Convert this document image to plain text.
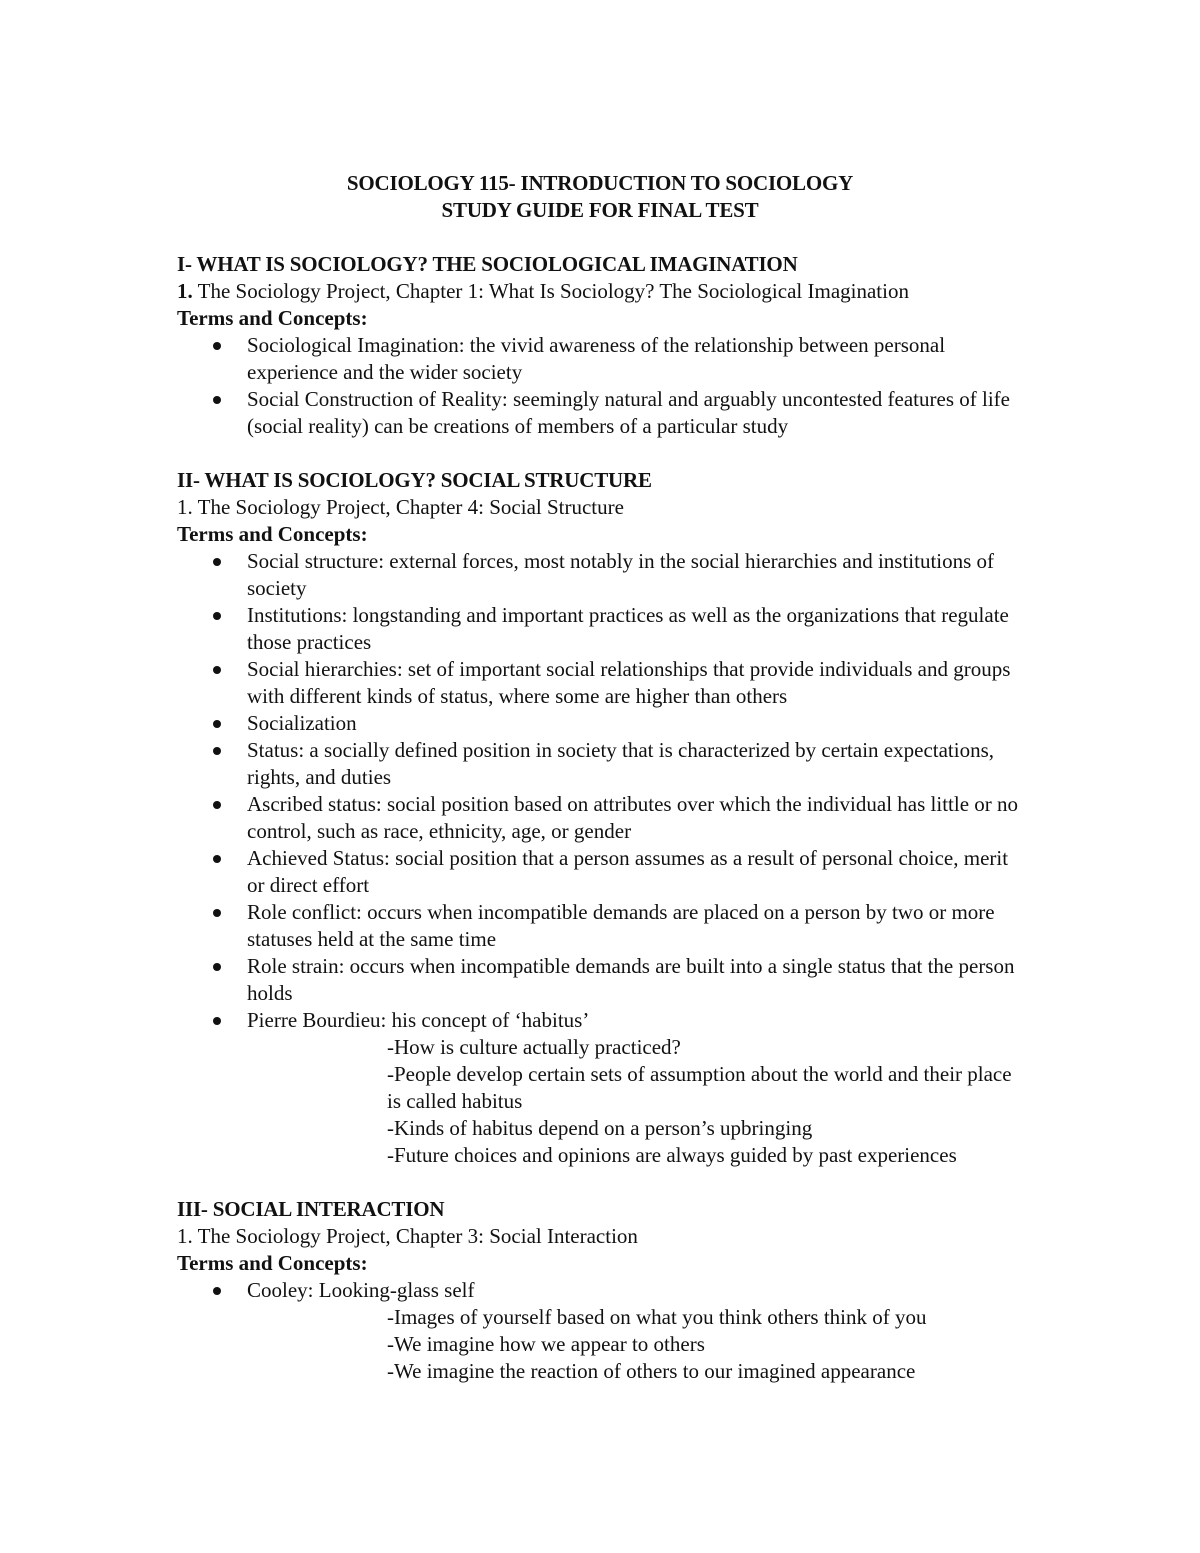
SOCIOLOGY 115- INTRODUCTION TO SOCIOLOGY
STUDY GUIDE FOR FINAL TEST
I- WHAT IS SOCIOLOGY? THE SOCIOLOGICAL IMAGINATION
1. The Sociology Project, Chapter 1: What Is Sociology? The Sociological Imagination
Terms and Concepts:
Sociological Imagination: the vivid awareness of the relationship between personal experience and the wider society
Social Construction of Reality: seemingly natural and arguably uncontested features of life (social reality) can be creations of members of a particular study
II- WHAT IS SOCIOLOGY? SOCIAL STRUCTURE
1. The Sociology Project, Chapter 4: Social Structure
Terms and Concepts:
Social structure: external forces, most notably in the social hierarchies and institutions of society
Institutions: longstanding and important practices as well as the organizations that regulate those practices
Social hierarchies: set of important social relationships that provide individuals and groups with different kinds of status, where some are higher than others
Socialization
Status: a socially defined position in society that is characterized by certain expectations, rights, and duties
Ascribed status: social position based on attributes over which the individual has little or no control, such as race, ethnicity, age, or gender
Achieved Status: social position that a person assumes as a result of personal choice, merit or direct effort
Role conflict: occurs when incompatible demands are placed on a person by two or more statuses held at the same time
Role strain: occurs when incompatible demands are built into a single status that the person holds
Pierre Bourdieu: his concept of ‘habitus’
-How is culture actually practiced?
-People develop certain sets of assumption about the world and their place is called habitus
-Kinds of habitus depend on a person’s upbringing
-Future choices and opinions are always guided by past experiences
III- SOCIAL INTERACTION
1. The Sociology Project, Chapter 3: Social Interaction
Terms and Concepts:
Cooley: Looking-glass self
-Images of yourself based on what you think others think of you
-We imagine how we appear to others
-We imagine the reaction of others to our imagined appearance
